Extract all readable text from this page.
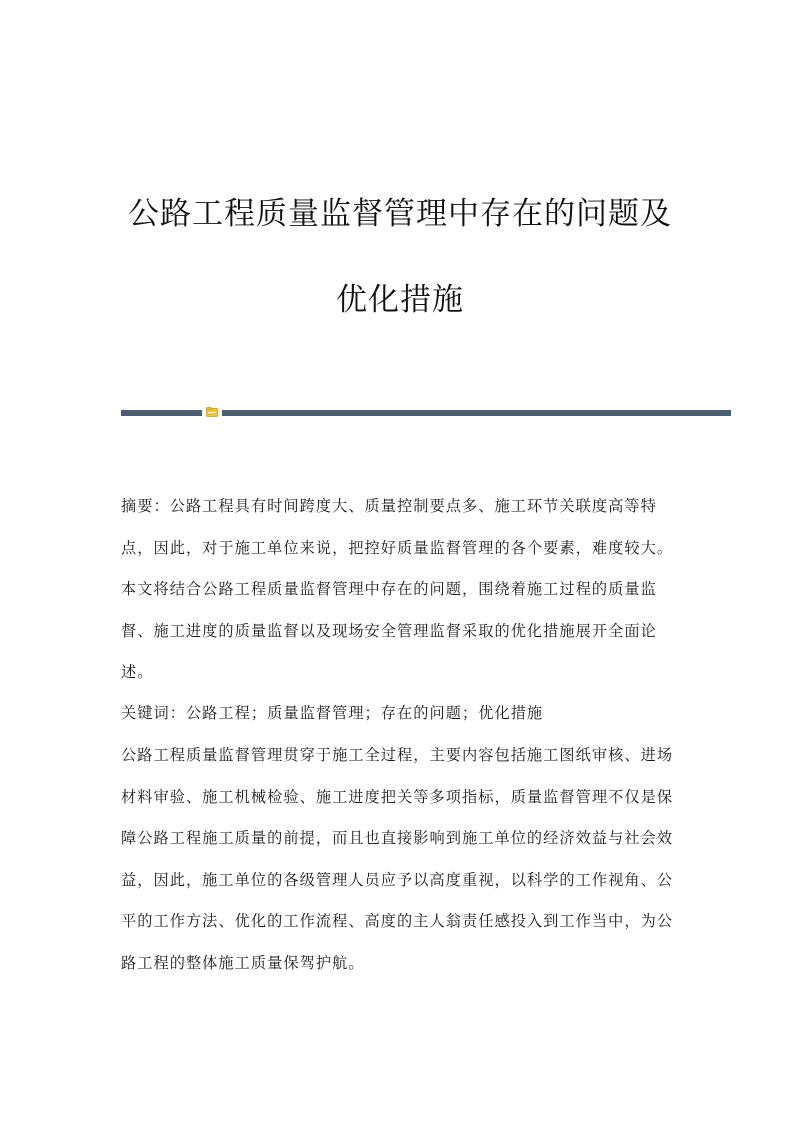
公路工程质量监督管理中存在的问题及
优化措施
摘要：公路工程具有时间跨度大、质量控制要点多、施工环节关联度高等特
点，因此，对于施工单位来说，把控好质量监督管理的各个要素，难度较大。
本文将结合公路工程质量监督管理中存在的问题，围绕着施工过程的质量监
督、施工进度的质量监督以及现场安全管理监督采取的优化措施展开全面论
述。
关键词：公路工程；质量监督管理；存在的问题；优化措施
公路工程质量监督管理贯穿于施工全过程，主要内容包括施工图纸审核、进场
材料审验、施工机械检验、施工进度把关等多项指标，质量监督管理不仅是保
障公路工程施工质量的前提，而且也直接影响到施工单位的经济效益与社会效
益，因此，施工单位的各级管理人员应予以高度重视，以科学的工作视角、公
平的工作方法、优化的工作流程、高度的主人翁责任感投入到工作当中，为公
路工程的整体施工质量保驾护航。
